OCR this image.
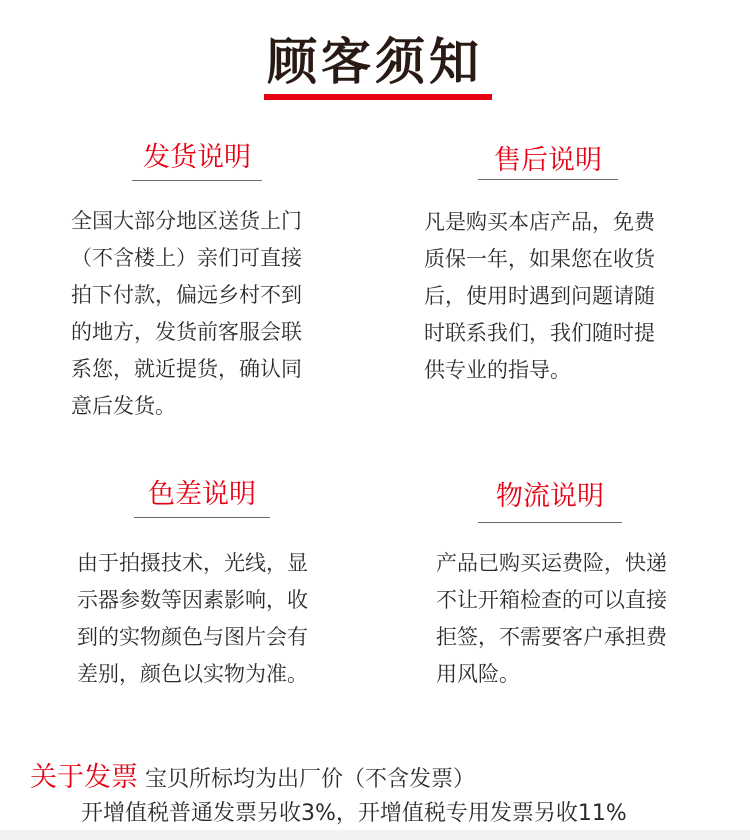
顾客须知
发货说明
全国大部分地区送货上门
（不含楼上）亲们可直接
拍下付款，偏远乡村不到
的地方，发货前客服会联
系您，就近提货，确认同
意后发货。
售后说明
凡是购买本店产品，免费
质保一年，如果您在收货
后，使用时遇到问题请随
时联系我们，我们随时提
供专业的指导。
色差说明
由于拍摄技术，光线，显
示器参数等因素影响，收
到的实物颜色与图片会有
差别，颜色以实物为准。
物流说明
产品已购买运费险，快递
不让开箱检查的可以直接
拒签，不需要客户承担费
用风险。
关于发票 宝贝所标均为出厂价（不含发票）
开增值税普通发票另收3%，开增值税专用发票另收11%
